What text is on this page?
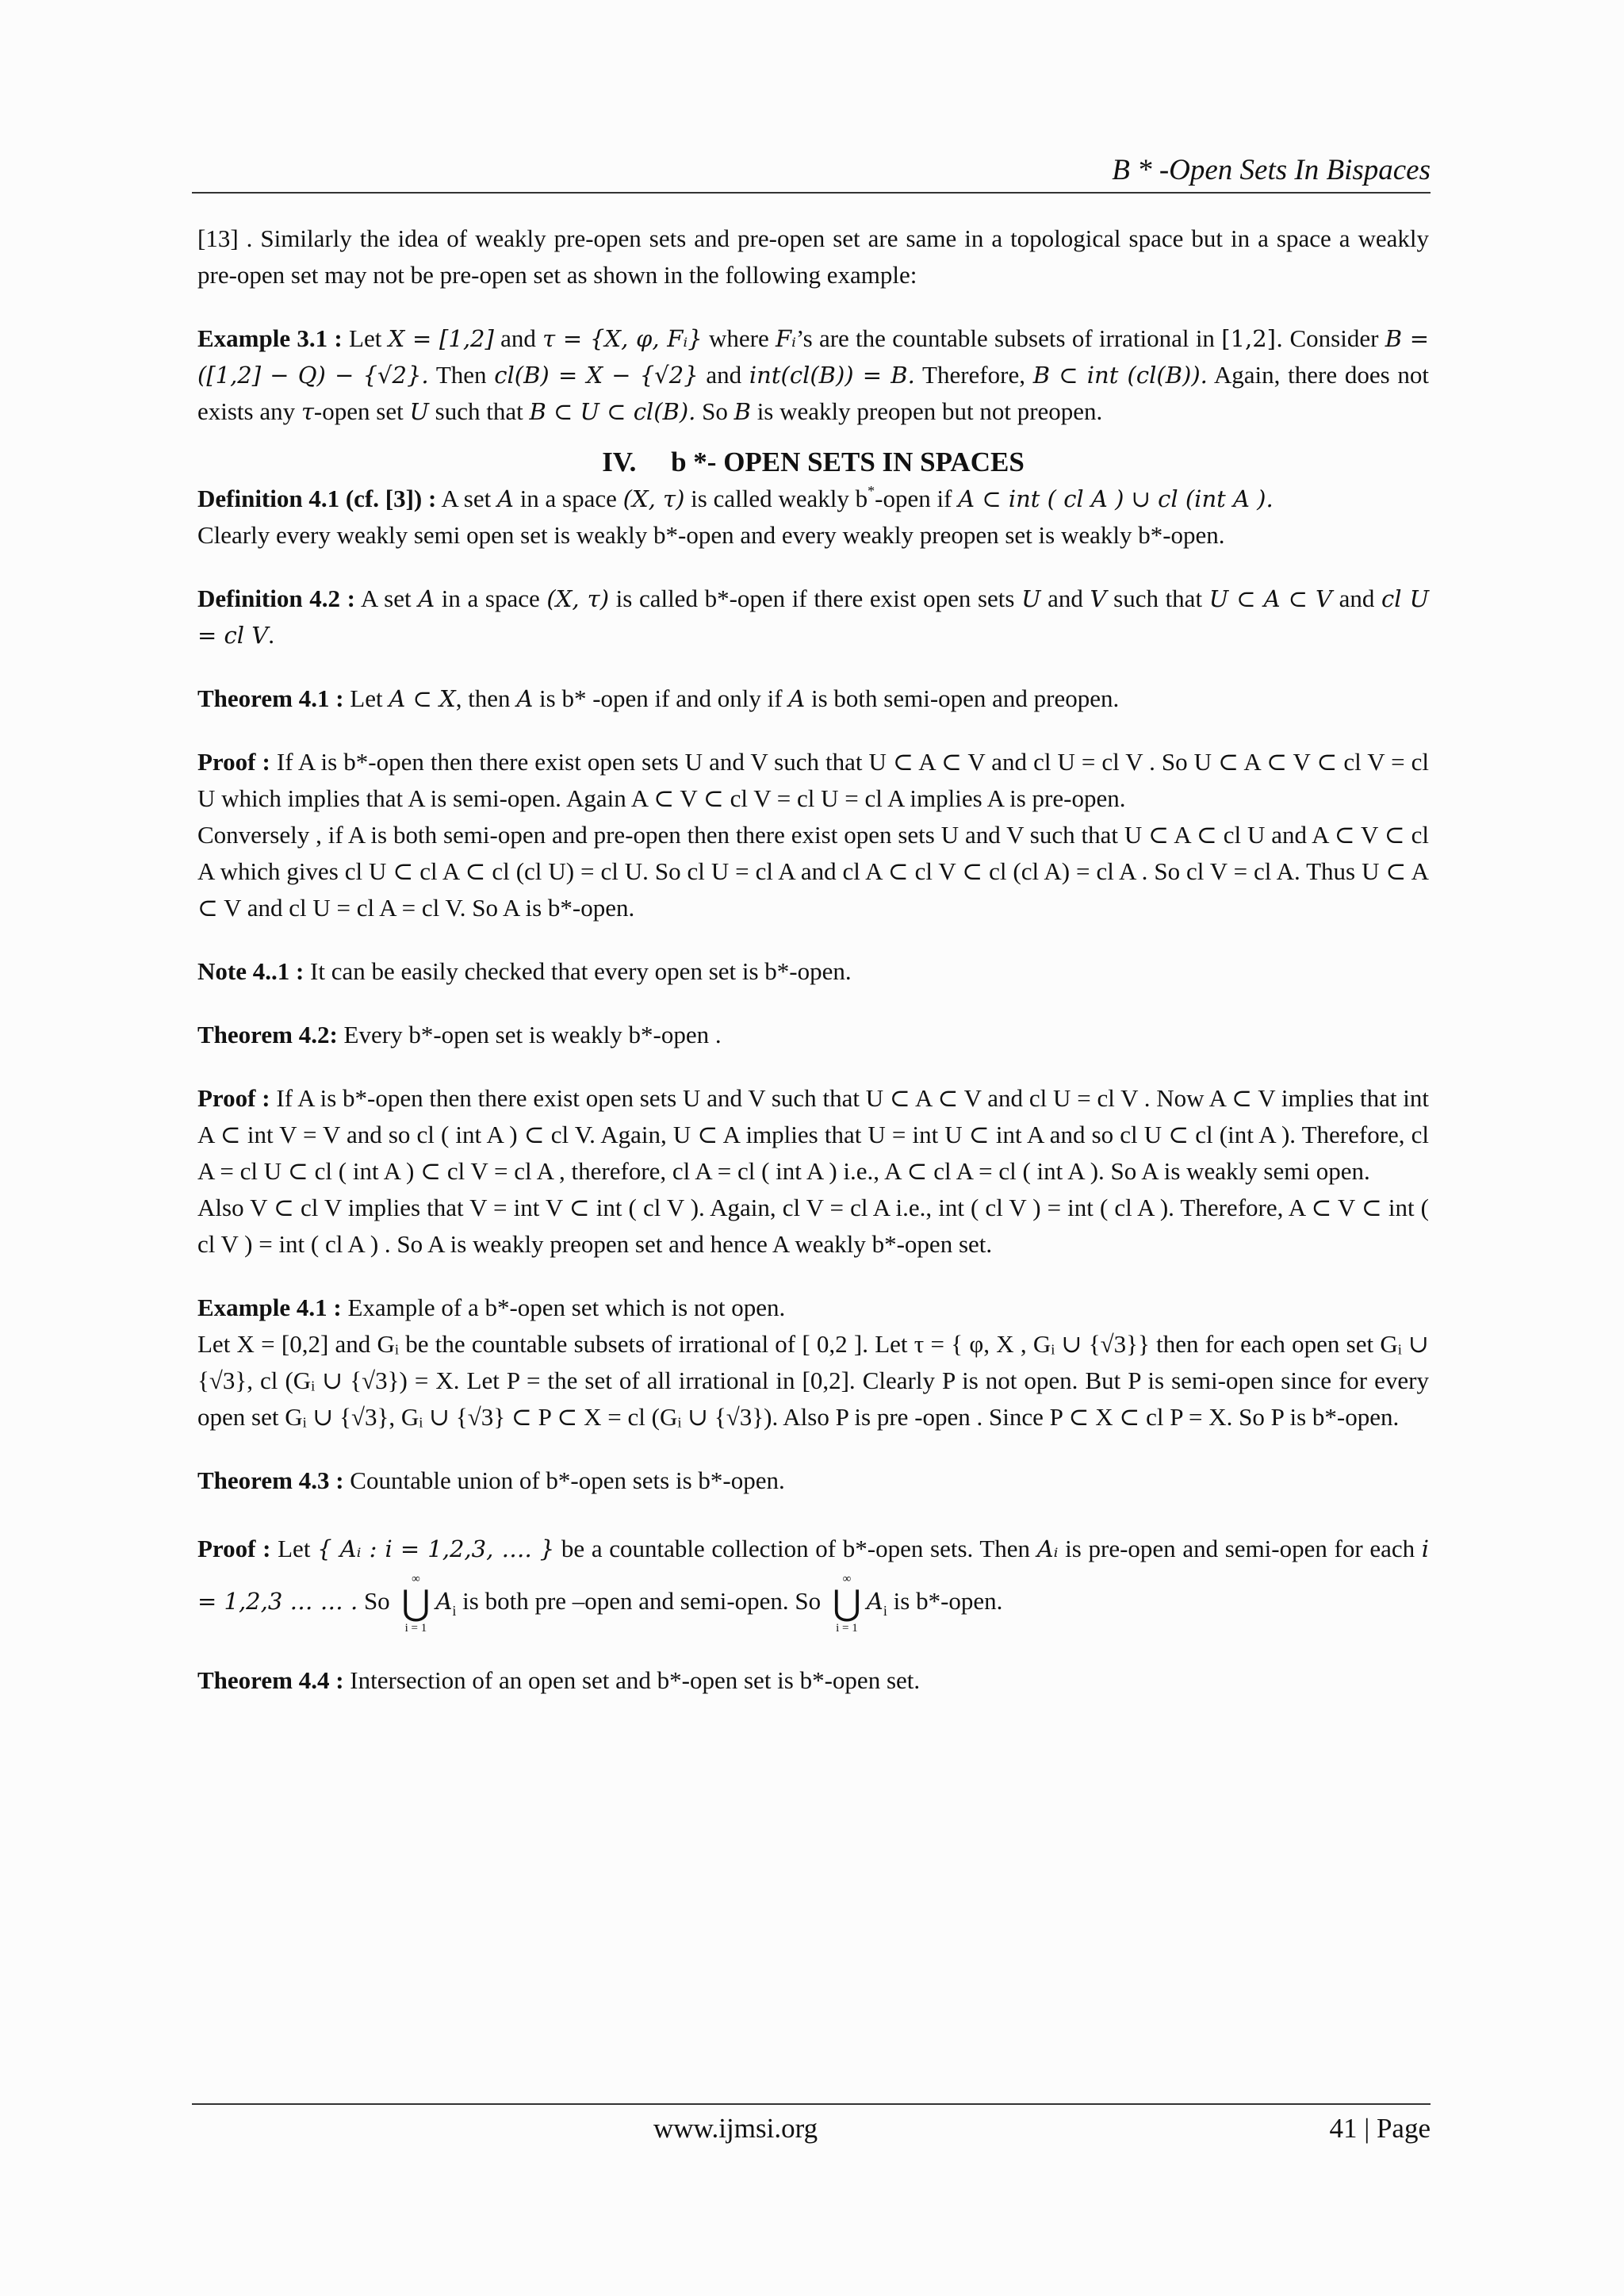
B * -Open Sets In Bispaces

[13] . Similarly the idea of weakly pre-open sets and pre-open set are same in a topological space but in a space a weakly pre-open set may not be pre-open set as shown in the following example:

Example 3.1 : Let X = [1,2] and τ = {X, φ, Fᵢ} where Fᵢ’s are the countable subsets of irrational in [1,2]. Consider B = ([1,2] − Q) − {√2}. Then cl(B) = X − {√2} and int(cl(B)) = B. Therefore, B ⊂ int (cl(B)). Again, there does not exists any τ-open set U such that B ⊂ U ⊂ cl(B). So B is weakly preopen but not preopen.

IV.     b *- OPEN SETS IN SPACES

Definition 4.1 (cf. [3]) : A set A in a space (X, τ) is called weakly b*-open if A ⊂ int ( cl A ) ∪ cl (int A ).

Clearly every weakly semi open set is weakly b*-open and every weakly preopen set is weakly b*-open.

Definition 4.2 : A set A in a space (X, τ) is called b*-open if there exist open sets U and V such that U ⊂ A ⊂ V and cl U = cl V.

Theorem 4.1 : Let A ⊂ X, then A is b* -open if and only if A is both semi-open and preopen.

Proof : If A is b*-open then there exist open sets U and V such that U ⊂ A ⊂ V and cl U = cl V . So U ⊂ A ⊂ V ⊂ cl V = cl U which implies that A is semi-open. Again A ⊂ V ⊂ cl V = cl U = cl A implies A is pre-open.

Conversely , if A is both semi-open and pre-open then there exist open sets U and V such that U ⊂ A ⊂ cl U and A ⊂ V ⊂ cl A which gives cl U ⊂ cl A ⊂ cl (cl U) = cl U. So cl U = cl A and cl A ⊂ cl V ⊂ cl (cl A) = cl A . So cl V = cl A. Thus U ⊂ A ⊂ V and cl U = cl A = cl V. So A is b*-open.

Note 4..1 : It can be easily checked that every open set is b*-open.

Theorem 4.2: Every b*-open set is weakly b*-open .

Proof : If A is b*-open then there exist open sets U and V such that U ⊂ A ⊂ V and cl U = cl V . Now A ⊂ V implies that int A ⊂ int V = V and so cl ( int A ) ⊂ cl V. Again, U ⊂ A implies that U = int U ⊂ int A and so cl U ⊂ cl (int A ). Therefore, cl A = cl U ⊂ cl ( int A ) ⊂ cl V = cl A , therefore, cl A = cl ( int A ) i.e., A ⊂ cl A = cl ( int A ). So A is weakly semi open.

Also V ⊂ cl V implies that V = int V ⊂ int ( cl V ). Again, cl V = cl A i.e., int ( cl V ) = int ( cl A ). Therefore, A ⊂ V ⊂ int ( cl V ) = int ( cl A ) . So A is weakly preopen set and hence A weakly b*-open set.

Example 4.1 : Example of a b*-open set which is not open.

Let X = [0,2] and Gᵢ be the countable subsets of irrational of [ 0,2 ]. Let τ = { φ, X , Gᵢ ∪ {√3}} then for each open set Gᵢ ∪ {√3}, cl (Gᵢ ∪ {√3}) = X. Let P = the set of all irrational in [0,2]. Clearly P is not open. But P is semi-open since for every open set Gᵢ ∪ {√3}, Gᵢ ∪ {√3} ⊂ P ⊂ X = cl (Gᵢ ∪ {√3}). Also P is pre -open . Since P ⊂ X ⊂ cl P = X. So P is b*-open.

Theorem 4.3 : Countable union of b*-open sets is b*-open.

Proof : Let { Aᵢ : i = 1,2,3, …. } be a countable collection of b*-open sets. Then Aᵢ is pre-open and semi-open for each i = 1,2,3 … … . So
∞
⋃
i = 1
$A_i$ is both pre –open and semi-open. So
∞
⋃
i = 1
$A_i$ is b*-open.

Theorem 4.4 : Intersection of an open set and b*-open set is b*-open set.

www.ijmsi.org	41 | Page
